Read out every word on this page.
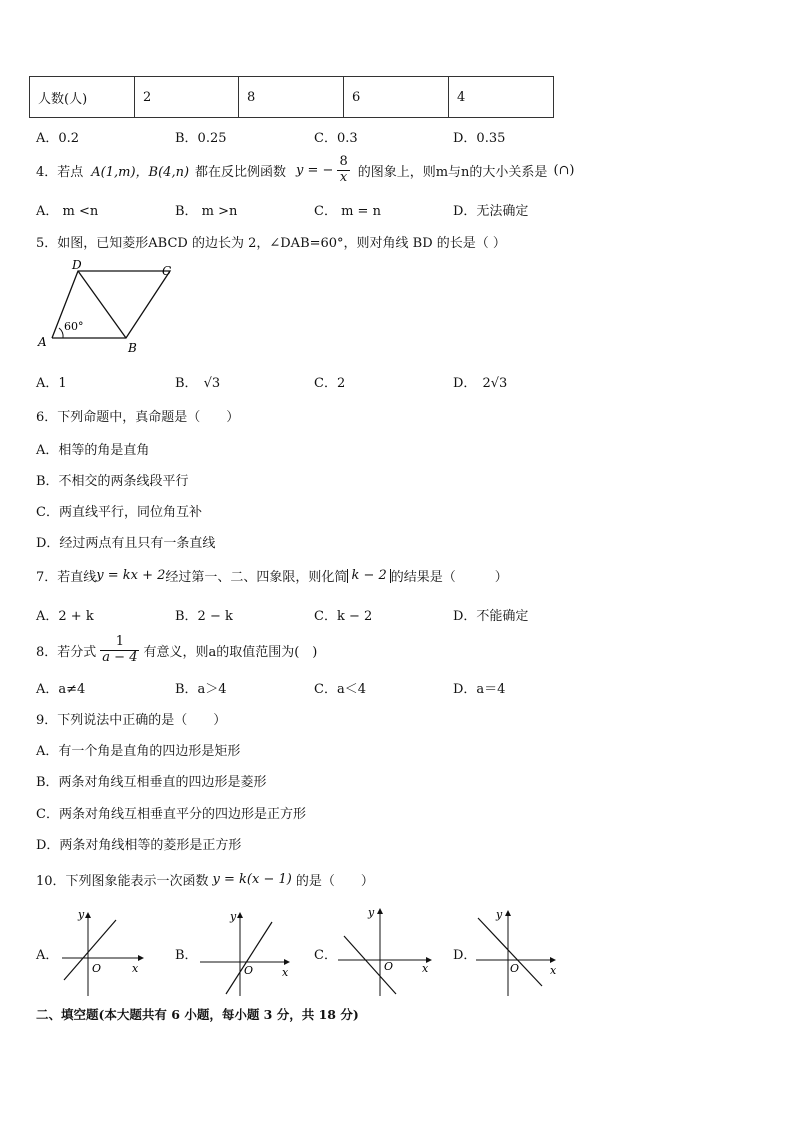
人数(人)	2	8	6	4
A．0.2	B．0.25	C．0.3	D．0.35
4．若点 A(1,m)，B(4,n) 都在反比例函数 y = − $\frac{8}{x}$ 的图象上，则m与n的大小关系是 (∩)
A． m <n	B． m >n	C． m = n	D．无法确定
5．如图，已知菱形ABCD 的边长为 2，∠DAB=60°，则对角线 BD 的长是（ ）
D	C
A	B
60°
A．1	B． √3	C．2	D． 2√3
6．下列命题中，真命题是（　　）
A．相等的角是直角
B．不相交的两条线段平行
C．两直线平行，同位角互补
D．经过两点有且只有一条直线
7．若直线 y = kx + 2 经过第一、二、四象限，则化简 k − 2 的结果是（　　　）
A．2 + k	B．2 − k	C．k − 2	D．不能确定
8．若分式 $\frac{1}{a - 4}$ 有意义，则a的取值范围为(　)
A．a≠4	B．a＞4	C．a＜4	D．a＝4
9．下列说法中正确的是（　　）
A．有一个角是直角的四边形是矩形
B．两条对角线互相垂直的四边形是菱形
C．两条对角线互相垂直平分的四边形是正方形
D．两条对角线相等的菱形是正方形
10．下列图象能表示一次函数 y = k(x − 1) 的是（　　）
A．
y
x
O
B．
y
x
O
C．
y
x
O
D．
y
x
O
二、填空题(本大题共有 6 小题，每小题 3 分，共 18 分)
